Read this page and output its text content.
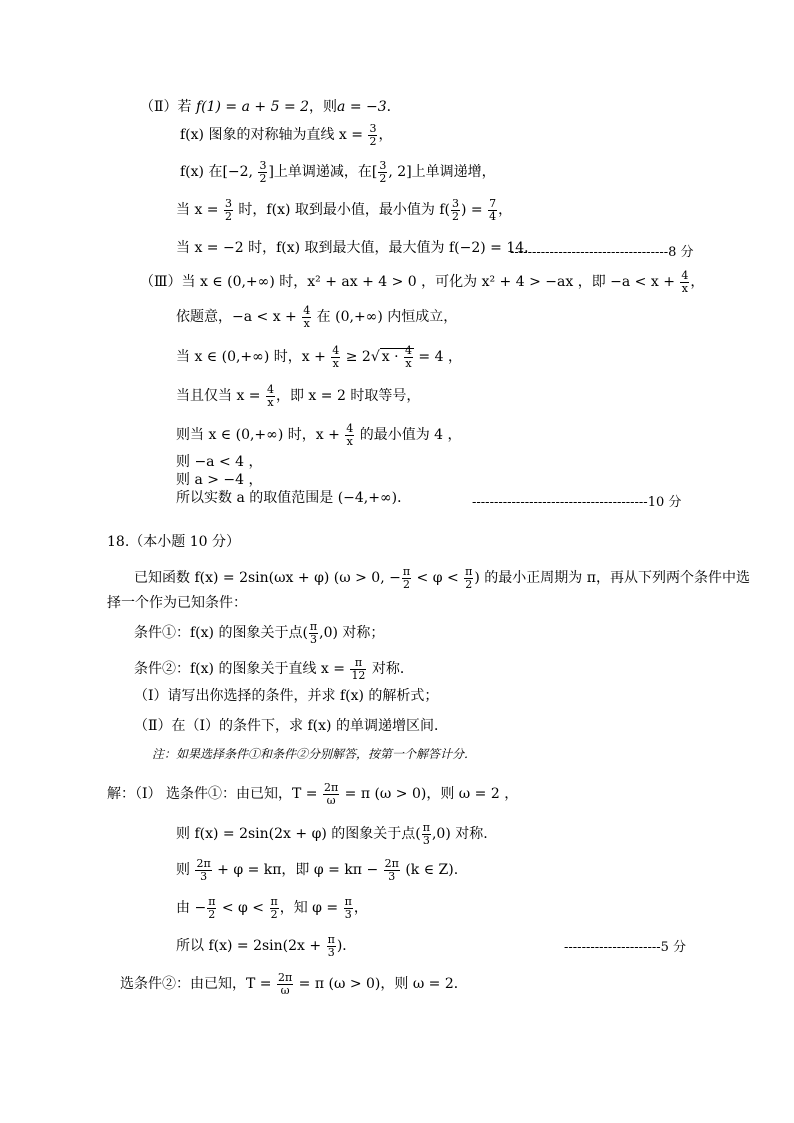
（Ⅱ）若 f(1) = a + 5 = 2，则a = −3．
f(x) 图象的对称轴为直线 $x = \frac{3}{2}$ ，
f(x) 在[−2, $\frac{3}{2}$ ]上单调递减，在[ $\frac{3}{2}$ , 2]上单调递增，
当 $x = \frac{3}{2}$ 时，f(x) 取到最小值，最小值为 $f( \frac{3}{2}$ ) = $\frac{7}{4}$ ，
当 x = −2 时，f(x) 取到最大值，最大值为 f(−2) = 14．
------------------------------------8 分
（Ⅲ）当 x ∈ (0,+∞) 时，x² + ax + 4 > 0 ，可化为 x² + 4 > −ax ，即 $-a < x + \frac{4}{x}$ ，
依题意，$-a < x + \frac{4}{x}$ 在 (0,+∞) 内恒成立，
当 x ∈ (0,+∞) 时，$x + \frac{4}{x} \ge 2√$ $x \cdot \frac{4}{x} = 4$ ，
当且仅当 $x = \frac{4}{x}$ ，即 x = 2 时取等号，
则当 x ∈ (0,+∞) 时，$x + \frac{4}{x}$ 的最小值为 4 ，
则 −a < 4 ，
则 a > −4 ，
所以实数 a 的取值范围是 (−4,+∞)．	----------------------------------------10 分
18.（本小题 10 分）
已知函数 f(x) = 2sin(ωx + φ) (ω > 0, − $\frac{\pi}{2} < \varphi < \frac{\pi}{2}$ ) 的最小正周期为 π，再从下列两个条件中选
择一个作为已知条件：
条件①：f(x) 的图象关于点( $\frac{\pi}{3} ,0$) 对称；
条件②：f(x) 的图象关于直线 $x = \frac{\pi}{12}$ 对称．
（Ⅰ）请写出你选择的条件，并求 f(x) 的解析式；
（Ⅱ）在（Ⅰ）的条件下，求 f(x) 的单调递增区间．
注：如果选择条件①和条件②分别解答，按第一个解答计分．
解：（Ⅰ） 选条件①：由已知，$T = \frac{2\pi}{\omega} = \pi$ (ω > 0)，则 ω = 2 ，
则 f(x) = 2sin(2x + φ) 的图象关于点( $\frac{\pi}{3} ,0$) 对称.
则 $\frac{2\pi}{3} + \varphi = k\pi$，即 $\varphi = k\pi - \frac{2\pi}{3} (k$ ∈ Z).
由 − $\frac{\pi}{2} < \varphi < \frac{\pi}{2}$ ，知 $\varphi = \frac{\pi}{3}$ ，
所以 $f(x) = 2\sin(2x + \frac{\pi}{3}$ )．	----------------------5 分
选条件②：由已知，$T = \frac{2\pi}{\omega} = \pi$ (ω > 0)，则 ω = 2．
